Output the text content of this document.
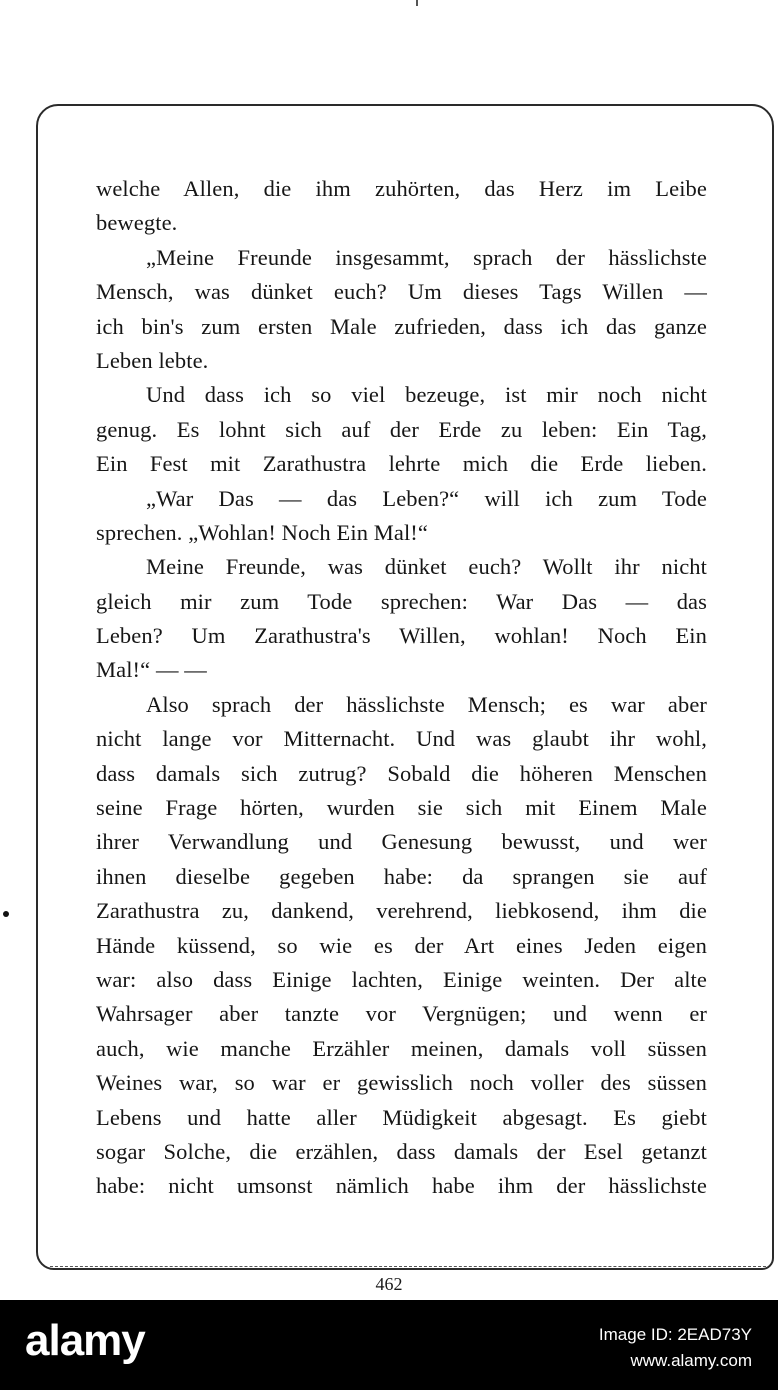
welche Allen, die ihm zuhörten, das Herz im Leibe
bewegte.
„Meine Freunde insgesammt, sprach der hässlichste
Mensch, was dünket euch? Um dieses Tags Willen —
ich bin's zum ersten Male zufrieden, dass ich das ganze
Leben lebte.
Und dass ich so viel bezeuge, ist mir noch nicht
genug. Es lohnt sich auf der Erde zu leben: Ein Tag,
Ein Fest mit Zarathustra lehrte mich die Erde lieben.
„War Das — das Leben?“ will ich zum Tode
sprechen. „Wohlan! Noch Ein Mal!“
Meine Freunde, was dünket euch? Wollt ihr nicht
gleich mir zum Tode sprechen: War Das — das
Leben? Um Zarathustra's Willen, wohlan! Noch Ein
Mal!“ — —
Also sprach der hässlichste Mensch; es war aber
nicht lange vor Mitternacht. Und was glaubt ihr wohl,
dass damals sich zutrug? Sobald die höheren Menschen
seine Frage hörten, wurden sie sich mit Einem Male
ihrer Verwandlung und Genesung bewusst, und wer
ihnen dieselbe gegeben habe: da sprangen sie auf
Zarathustra zu, dankend, verehrend, liebkosend, ihm die
Hände küssend, so wie es der Art eines Jeden eigen
war: also dass Einige lachten, Einige weinten. Der alte
Wahrsager aber tanzte vor Vergnügen; und wenn er
auch, wie manche Erzähler meinen, damals voll süssen
Weines war, so war er gewisslich noch voller des süssen
Lebens und hatte aller Müdigkeit abgesagt. Es giebt
sogar Solche, die erzählen, dass damals der Esel getanzt
habe: nicht umsonst nämlich habe ihm der hässlichste
462
alamy	Image ID: 2EAD73Y
www.alamy.com
